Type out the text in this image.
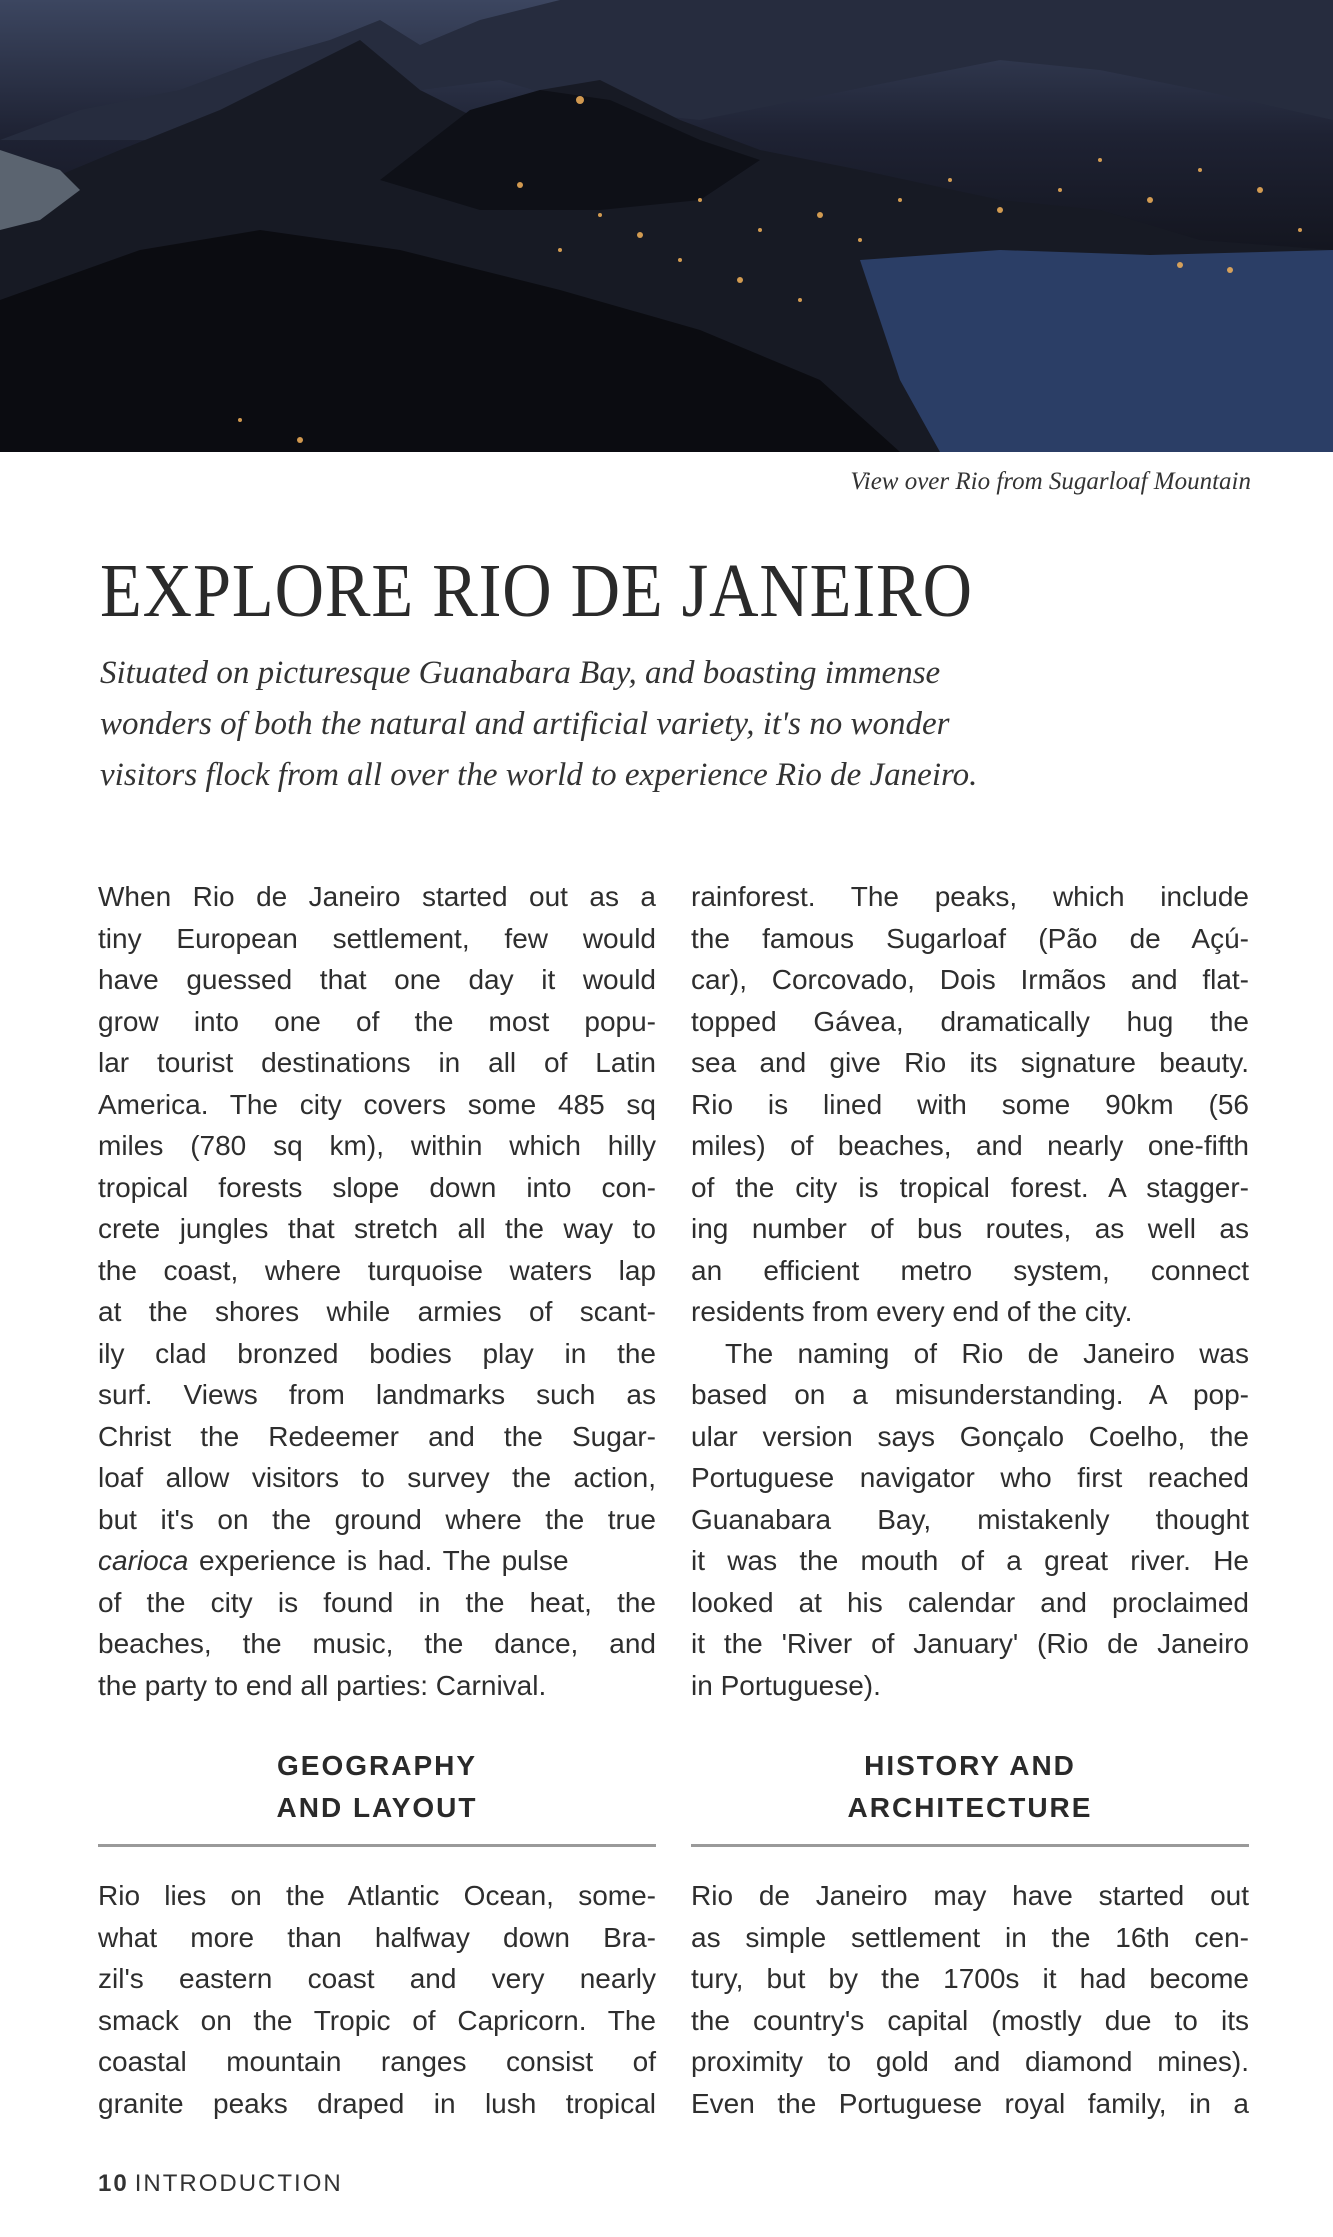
View over Rio from Sugarloaf Mountain
EXPLORE RIO DE JANEIRO
Situated on picturesque Guanabara Bay, and boasting immense
wonders of both the natural and artificial variety, it's no wonder
visitors flock from all over the world to experience Rio de Janeiro.
When Rio de Janeiro started out as a
tiny European settlement, few would
have guessed that one day it would
grow into one of the most popu-
lar tourist destinations in all of Latin
America. The city covers some 485 sq
miles (780 sq km), within which hilly
tropical forests slope down into con-
crete jungles that stretch all the way to
the coast, where turquoise waters lap
at the shores while armies of scant-
ily clad bronzed bodies play in the
surf. Views from landmarks such as
Christ the Redeemer and the Sugar-
loaf allow visitors to survey the action,
but it's on the ground where the true
carioca experience is had. The pulse
of the city is found in the heat, the
beaches, the music, the dance, and
the party to end all parties: Carnival.
rainforest. The peaks, which include
the famous Sugarloaf (Pão de Açú-
car), Corcovado, Dois Irmãos and flat-
topped Gávea, dramatically hug the
sea and give Rio its signature beauty.
Rio is lined with some 90km (56
miles) of beaches, and nearly one-fifth
of the city is tropical forest. A stagger-
ing number of bus routes, as well as
an efficient metro system, connect
residents from every end of the city.
The naming of Rio de Janeiro was
based on a misunderstanding. A pop-
ular version says Gonçalo Coelho, the
Portuguese navigator who first reached
Guanabara Bay, mistakenly thought
it was the mouth of a great river. He
looked at his calendar and proclaimed
it the 'River of January' (Rio de Janeiro
in Portuguese).
GEOGRAPHY
AND LAYOUT
HISTORY AND
ARCHITECTURE
Rio lies on the Atlantic Ocean, some-
what more than halfway down Bra-
zil's eastern coast and very nearly
smack on the Tropic of Capricorn. The
coastal mountain ranges consist of
granite peaks draped in lush tropical
Rio de Janeiro may have started out
as simple settlement in the 16th cen-
tury, but by the 1700s it had become
the country's capital (mostly due to its
proximity to gold and diamond mines).
Even the Portuguese royal family, in a
10 INTRODUCTION
